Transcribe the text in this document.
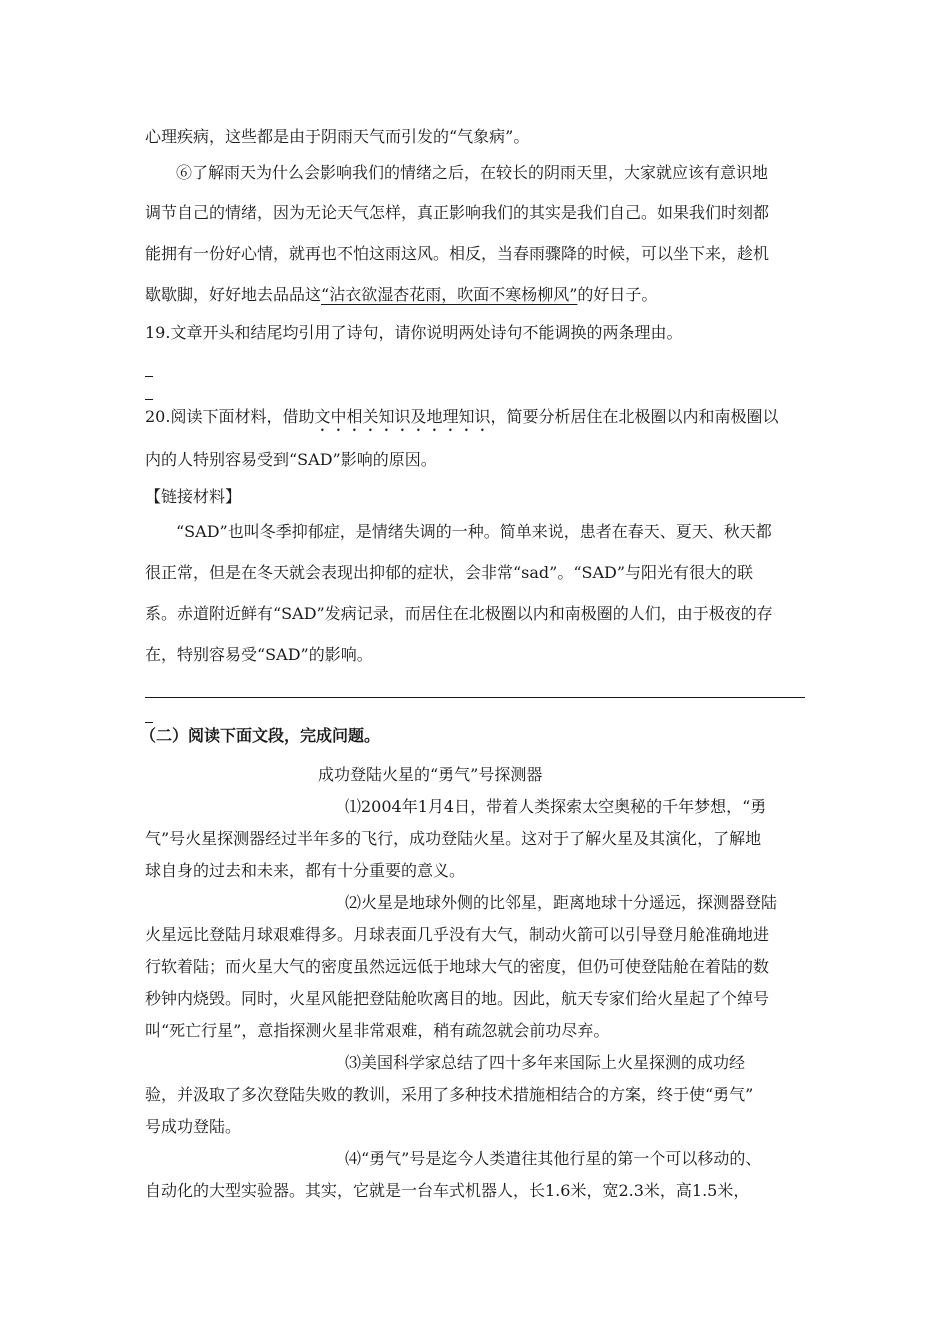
心理疾病，这些都是由于阴雨天气而引发的“气象病”。
⑥了解雨天为什么会影响我们的情绪之后，在较长的阴雨天里，大家就应该有意识地
调节自己的情绪，因为无论天气怎样，真正影响我们的其实是我们自己。如果我们时刻都
能拥有一份好心情，就再也不怕这雨这风。相反，当春雨骤降的时候，可以坐下来，趁机
歇歇脚，好好地去品品这“沾衣欲湿杏花雨，吹面不寒杨柳风”的好日子。
19.文章开头和结尾均引用了诗句，请你说明两处诗句不能调换的两条理由。
20.阅读下面材料，借助文中相关知识及地理知识，简要分析居住在北极圈以内和南极圈以
内的人特别容易受到“SAD”影响的原因。
【链接材料】
“SAD”也叫冬季抑郁症，是情绪失调的一种。简单来说，患者在春天、夏天、秋天都
很正常，但是在冬天就会表现出抑郁的症状，会非常“sad”。“SAD”与阳光有很大的联
系。赤道附近鲜有“SAD”发病记录，而居住在北极圈以内和南极圈的人们，由于极夜的存
在，特别容易受“SAD”的影响。
（二）阅读下面文段，完成问题。
成功登陆火星的“勇气”号探测器
⑴2004年1月4日，带着人类探索太空奥秘的千年梦想，“勇
气”号火星探测器经过半年多的飞行，成功登陆火星。这对于了解火星及其演化，了解地
球自身的过去和未来，都有十分重要的意义。
⑵火星是地球外侧的比邻星，距离地球十分遥远，探测器登陆
火星远比登陆月球艰难得多。月球表面几乎没有大气，制动火箭可以引导登月舱准确地进
行软着陆；而火星大气的密度虽然远远低于地球大气的密度，但仍可使登陆舱在着陆的数
秒钟内烧毁。同时，火星风能把登陆舱吹离目的地。因此，航天专家们给火星起了个绰号
叫“死亡行星”，意指探测火星非常艰难，稍有疏忽就会前功尽弃。
⑶美国科学家总结了四十多年来国际上火星探测的成功经
验，并汲取了多次登陆失败的教训，采用了多种技术措施相结合的方案，终于使“勇气”
号成功登陆。
⑷“勇气”号是迄今人类遣往其他行星的第一个可以移动的、
自动化的大型实验器。其实，它就是一台车式机器人，长1.6米，宽2.3米，高1.5米，
